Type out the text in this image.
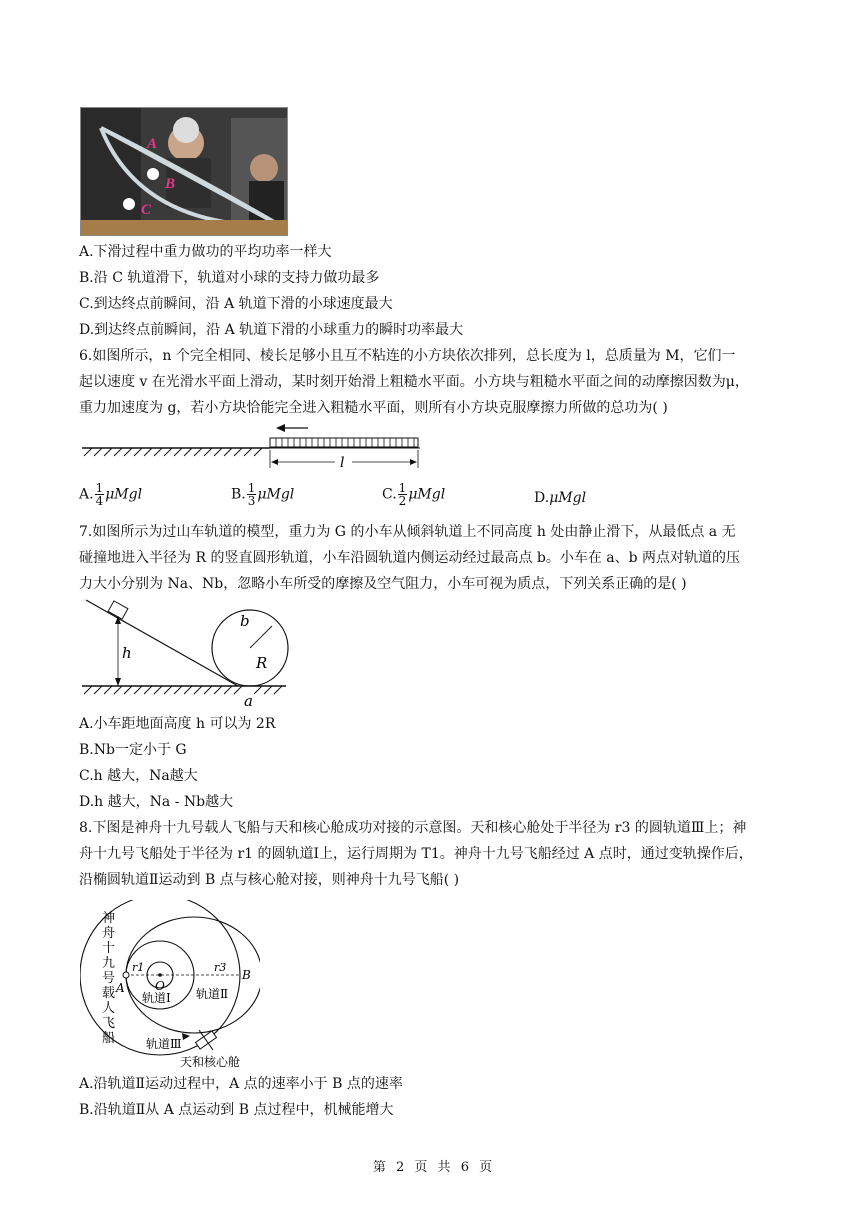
A
B
C
A.下滑过程中重力做功的平均功率一样大
B.沿 C 轨道滑下，轨道对小球的支持力做功最多
C.到达终点前瞬间，沿 A 轨道下滑的小球速度最大
D.到达终点前瞬间，沿 A 轨道下滑的小球重力的瞬时功率最大
6.如图所示，n 个完全相同、棱长足够小且互不粘连的小方块依次排列，总长度为 l，总质量为 M，它们一
起以速度 v 在光滑水平面上滑动，某时刻开始滑上粗糙水平面。小方块与粗糙水平面之间的动摩擦因数为μ，
重力加速度为 g，若小方块恰能完全进入粗糙水平面，则所有小方块克服摩擦力所做的总功为( )
l
A. $\frac{1}{4}$ μMgl	B. $\frac{1}{3}$ μMgl	C. $\frac{1}{2}$ μMgl	D.μMgl
7.如图所示为过山车轨道的模型，重力为 G 的小车从倾斜轨道上不同高度 h 处由静止滑下，从最低点 a 无
碰撞地进入半径为 R 的竖直圆形轨道，小车沿圆轨道内侧运动经过最高点 b。小车在 a、b 两点对轨道的压
力大小分别为 Na、Nb，忽略小车所受的摩擦及空气阻力，小车可视为质点，下列关系正确的是( )
h
R
b
a
A.小车距地面高度 h 可以为 2R
B.Nb一定小于 G
C.h 越大，Na越大
D.h 越大，Na - Nb越大
8.下图是神舟十九号载人飞船与天和核心舱成功对接的示意图。天和核心舱处于半径为 r3 的圆轨道Ⅲ上；神
舟十九号飞船处于半径为 r1 的圆轨道Ⅰ上，运行周期为 T1。神舟十九号飞船经过 A 点时，通过变轨操作后，
沿椭圆轨道Ⅱ运动到 B 点与核心舱对接，则神舟十九号飞船( )
神舟十 九号载 人飞船
r1	r3
A
B
O
轨道Ⅰ 轨道Ⅱ
轨道Ⅲ
天和核心舱
A.沿轨道Ⅱ运动过程中，A 点的速率小于 B 点的速率
B.沿轨道Ⅱ从 A 点运动到 B 点过程中，机械能增大
第 2 页 共 6 页
